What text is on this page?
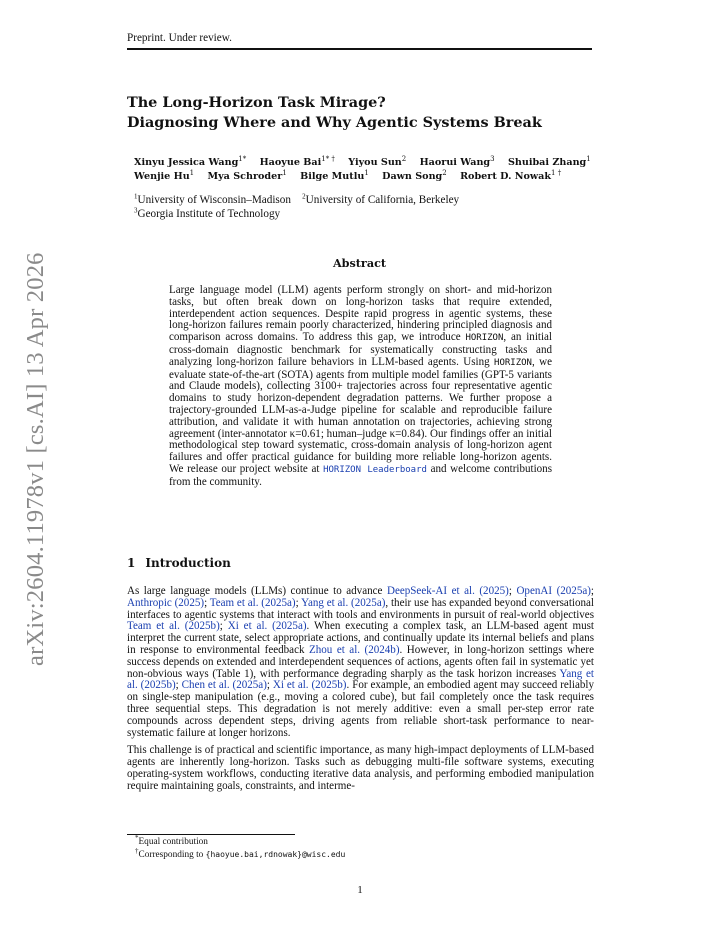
arXiv:2604.11978v1 [cs.AI] 13 Apr 2026
Preprint. Under review.
The Long-Horizon Task Mirage?
Diagnosing Where and Why Agentic Systems Break
Xinyu Jessica Wang$^{1*}$ Haoyue Bai$^{1* \dagger}$ Yiyou Sun$^2$ Haorui Wang$^3$ Shuibai Zhang$^1$
Wenjie Hu$^1$ Mya Schroder$^1$ Bilge Mutlu$^1$ Dawn Song$^2$ Robert D. Nowak$^{1 \dagger}$
$^1$University of Wisconsin–Madison $^2$University of California, Berkeley
$^3$Georgia Institute of Technology
Abstract
Large language model (LLM) agents perform strongly on short- and mid-horizon tasks, but often break down on long-horizon tasks that require extended, interdependent action sequences. Despite rapid progress in agentic systems, these long-horizon failures remain poorly characterized, hindering principled diagnosis and comparison across domains. To address this gap, we introduce HORIZON, an initial cross-domain diagnostic benchmark for systematically constructing tasks and analyzing long-horizon failure behaviors in LLM-based agents. Using HORIZON, we evaluate state-of-the-art (SOTA) agents from multiple model families (GPT-5 variants and Claude models), collecting 3100+ trajectories across four representative agentic domains to study horizon-dependent degradation patterns. We further propose a trajectory-grounded LLM-as-a-Judge pipeline for scalable and reproducible failure attribution, and validate it with human annotation on trajectories, achieving strong agreement (inter-annotator κ=0.61; human–judge κ=0.84). Our findings offer an initial methodological step toward systematic, cross-domain analysis of long-horizon agent failures and offer practical guidance for building more reliable long-horizon agents. We release our project website at HORIZON Leaderboard and welcome contributions from the community.
1 Introduction

As large language models (LLMs) continue to advance DeepSeek-AI et al. (2025); OpenAI (2025a); Anthropic (2025); Team et al. (2025a); Yang et al. (2025a), their use has expanded beyond conversational interfaces to agentic systems that interact with tools and environments in pursuit of real-world objectives Team et al. (2025b); Xi et al. (2025a). When executing a complex task, an LLM-based agent must interpret the current state, select appropriate actions, and continually update its internal beliefs and plans in response to environmental feedback Zhou et al. (2024b). However, in long-horizon settings where success depends on extended and interdependent sequences of actions, agents often fail in systematic yet non-obvious ways (Table 1), with performance degrading sharply as the task horizon increases Yang et al. (2025b); Chen et al. (2025a); Xi et al. (2025b). For example, an embodied agent may succeed reliably on single-step manipulation (e.g., moving a colored cube), but fail completely once the task requires three sequential steps. This degradation is not merely additive: even a small per-step error rate compounds across dependent steps, driving agents from reliable short-task performance to near-systematic failure at longer horizons.

This challenge is of practical and scientific importance, as many high-impact deployments of LLM-based agents are inherently long-horizon. Tasks such as debugging multi-file software systems, executing operating-system workflows, conducting iterative data analysis, and performing embodied manipulation require maintaining goals, constraints, and interme-

*Equal contribution
†Corresponding to {haoyue.bai,rdnowak}@wisc.edu
1
